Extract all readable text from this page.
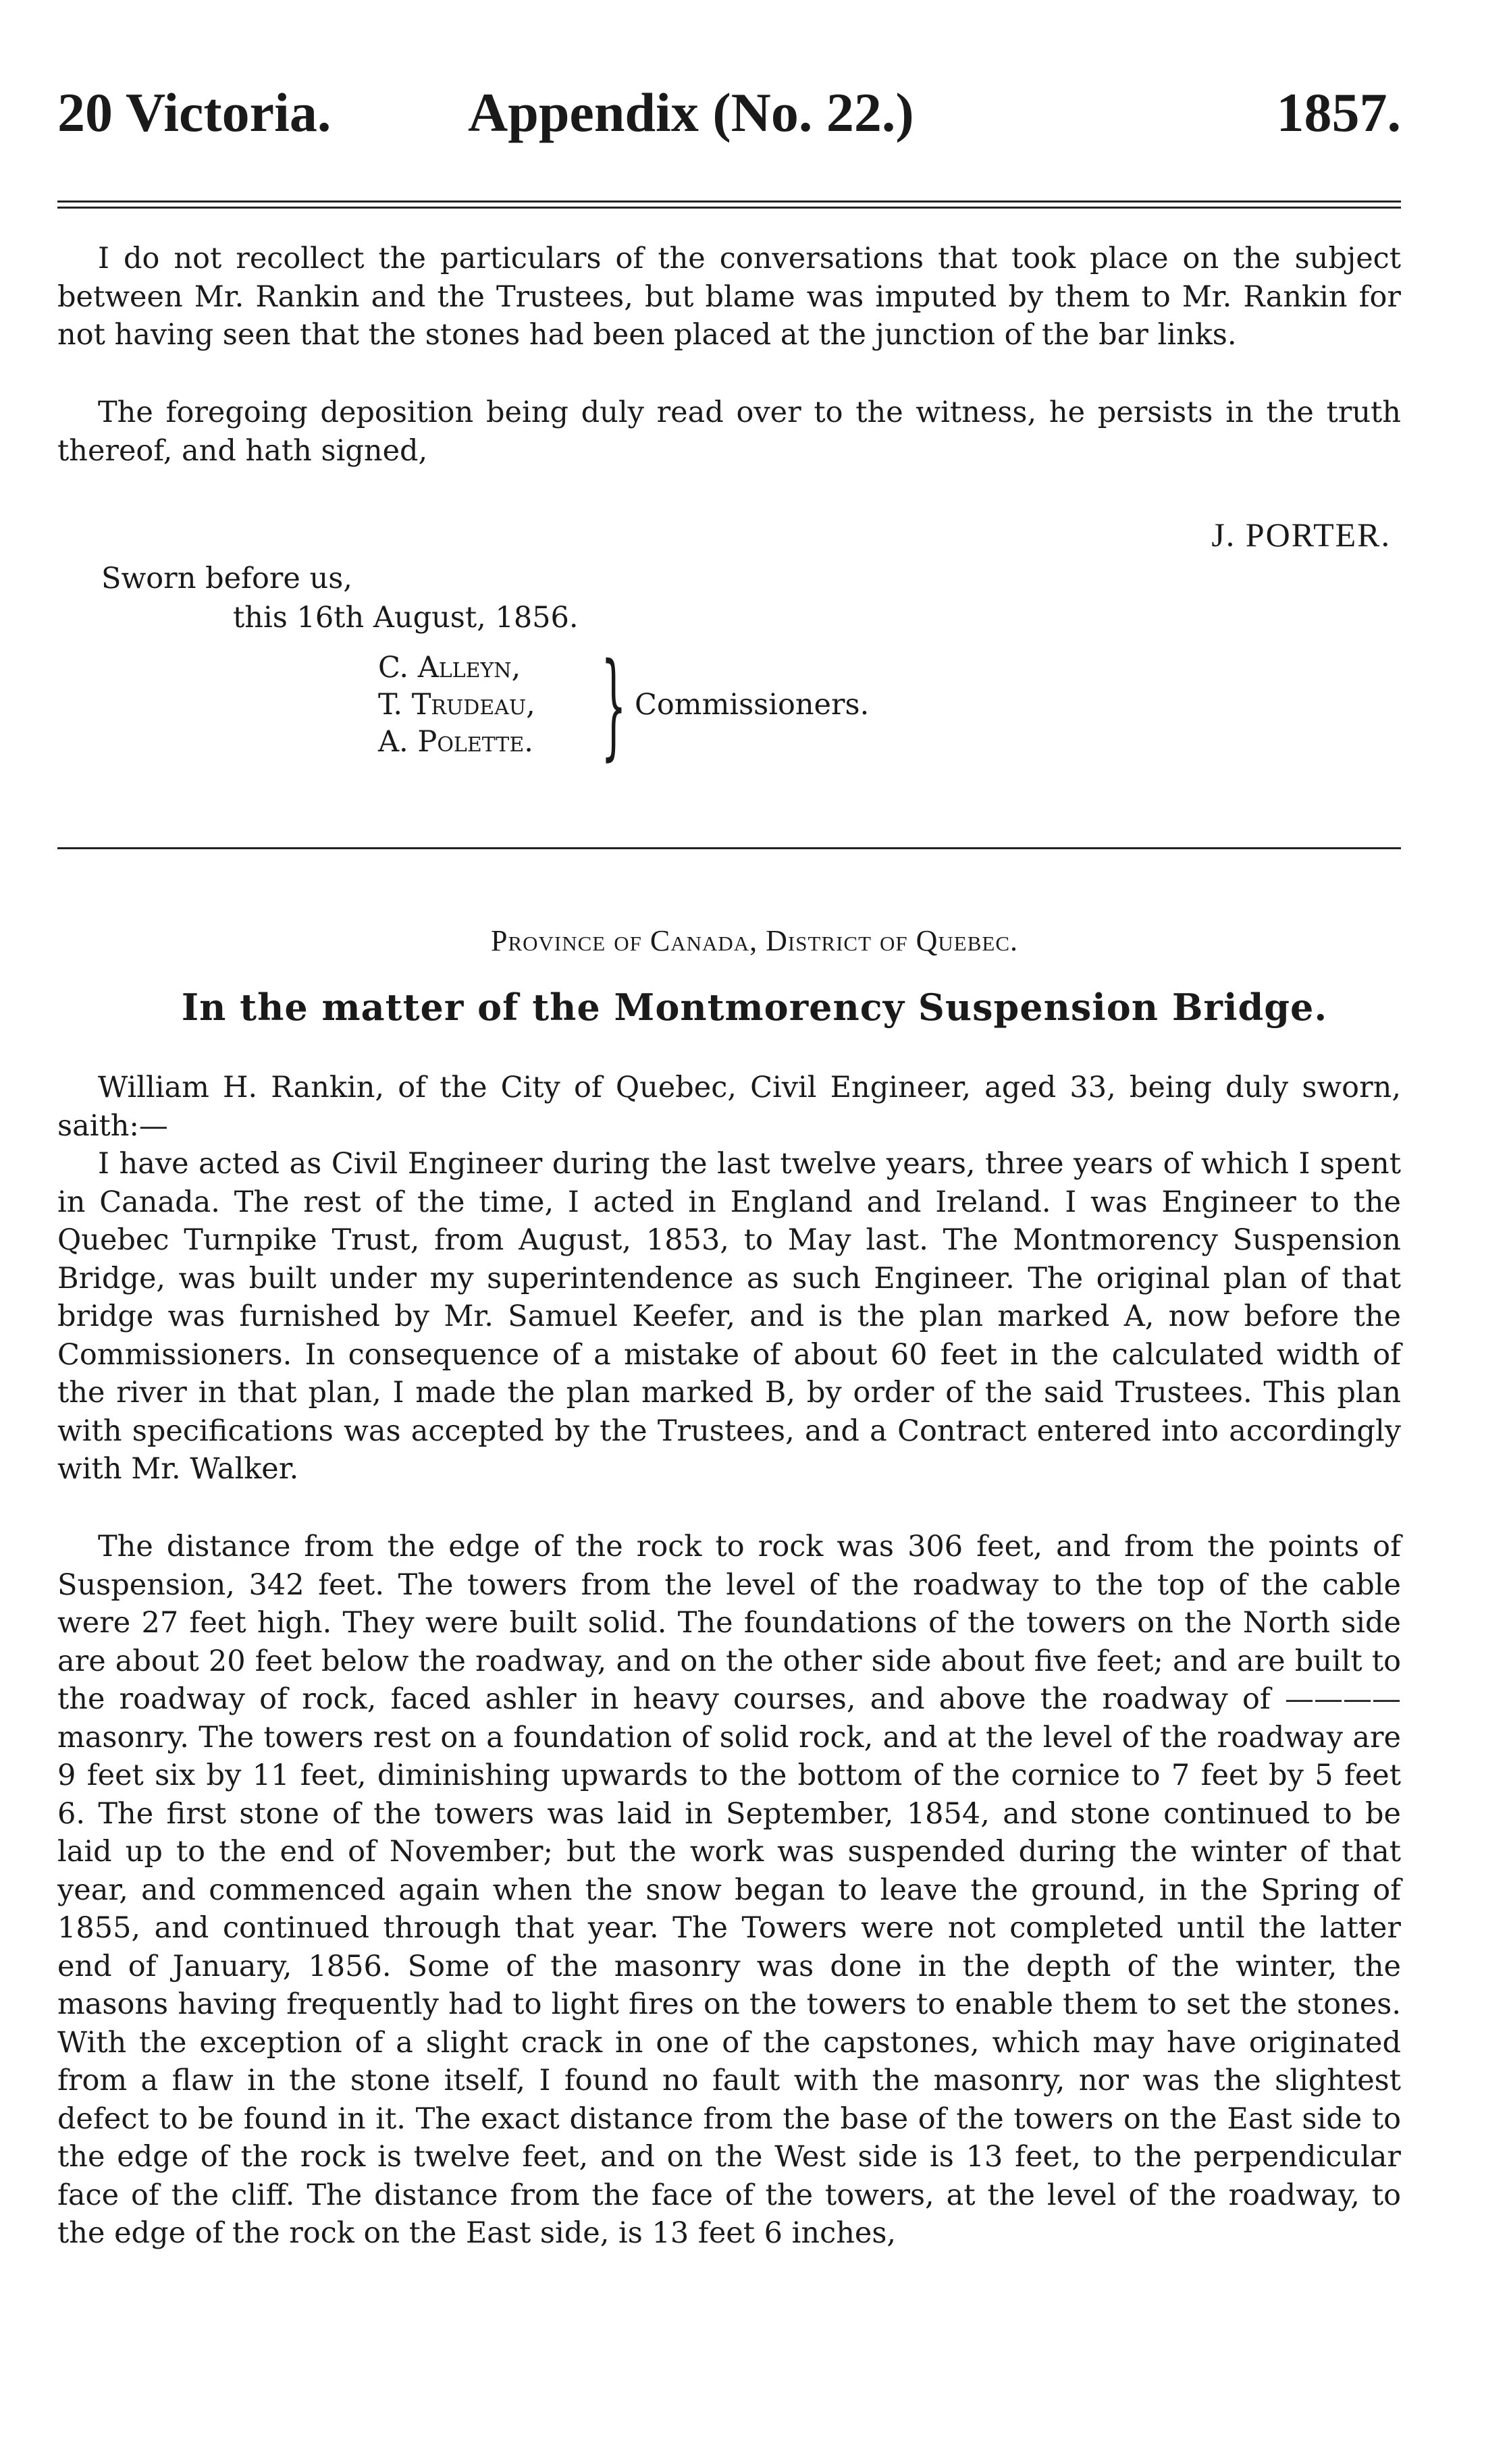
20 Victoria. Appendix (No. 22.)	1857.

I do not recollect the particulars of the conversations that took place on the subject between Mr. Rankin and the Trustees, but blame was imputed by them to Mr. Rankin for not having seen that the stones had been placed at the junction of the bar links.

The foregoing deposition being duly read over to the witness, he persists in the truth thereof, and hath signed,

J. PORTER.
Sworn before us,
this 16th August, 1856.
C. Alleyn,
T. Trudeau,
A. Polette. } Commissioners.
Province of Canada, District of Quebec.
In the matter of the Montmorency Suspension Bridge.

William H. Rankin, of the City of Quebec, Civil Engineer, aged 33, being duly sworn, saith:—

I have acted as Civil Engineer during the last twelve years, three years of which I spent in Canada. The rest of the time, I acted in England and Ireland. I was Engineer to the Quebec Turnpike Trust, from August, 1853, to May last. The Montmorency Suspension Bridge, was built under my superintendence as such Engineer. The original plan of that bridge was furnished by Mr. Samuel Keefer, and is the plan marked A, now before the Commissioners. In consequence of a mistake of about 60 feet in the calculated width of the river in that plan, I made the plan marked B, by order of the said Trustees. This plan with specifications was accepted by the Trustees, and a Contract entered into accordingly with Mr. Walker.

The distance from the edge of the rock to rock was 306 feet, and from the points of Suspension, 342 feet. The towers from the level of the roadway to the top of the cable were 27 feet high. They were built solid. The foundations of the towers on the North side are about 20 feet below the roadway, and on the other side about five feet; and are built to the roadway of rock, faced ashler in heavy courses, and above the roadway of ———— masonry. The towers rest on a foundation of solid rock, and at the level of the roadway are 9 feet six by 11 feet, diminishing upwards to the bottom of the cornice to 7 feet by 5 feet 6. The first stone of the towers was laid in September, 1854, and stone continued to be laid up to the end of November; but the work was suspended during the winter of that year, and commenced again when the snow began to leave the ground, in the Spring of 1855, and continued through that year. The Towers were not completed until the latter end of January, 1856. Some of the masonry was done in the depth of the winter, the masons having frequently had to light fires on the towers to enable them to set the stones. With the exception of a slight crack in one of the capstones, which may have originated from a flaw in the stone itself, I found no fault with the masonry, nor was the slightest defect to be found in it. The exact distance from the base of the towers on the East side to the edge of the rock is twelve feet, and on the West side is 13 feet, to the perpendicular face of the cliff. The distance from the face of the towers, at the level of the roadway, to the edge of the rock on the East side, is 13 feet 6 inches,
